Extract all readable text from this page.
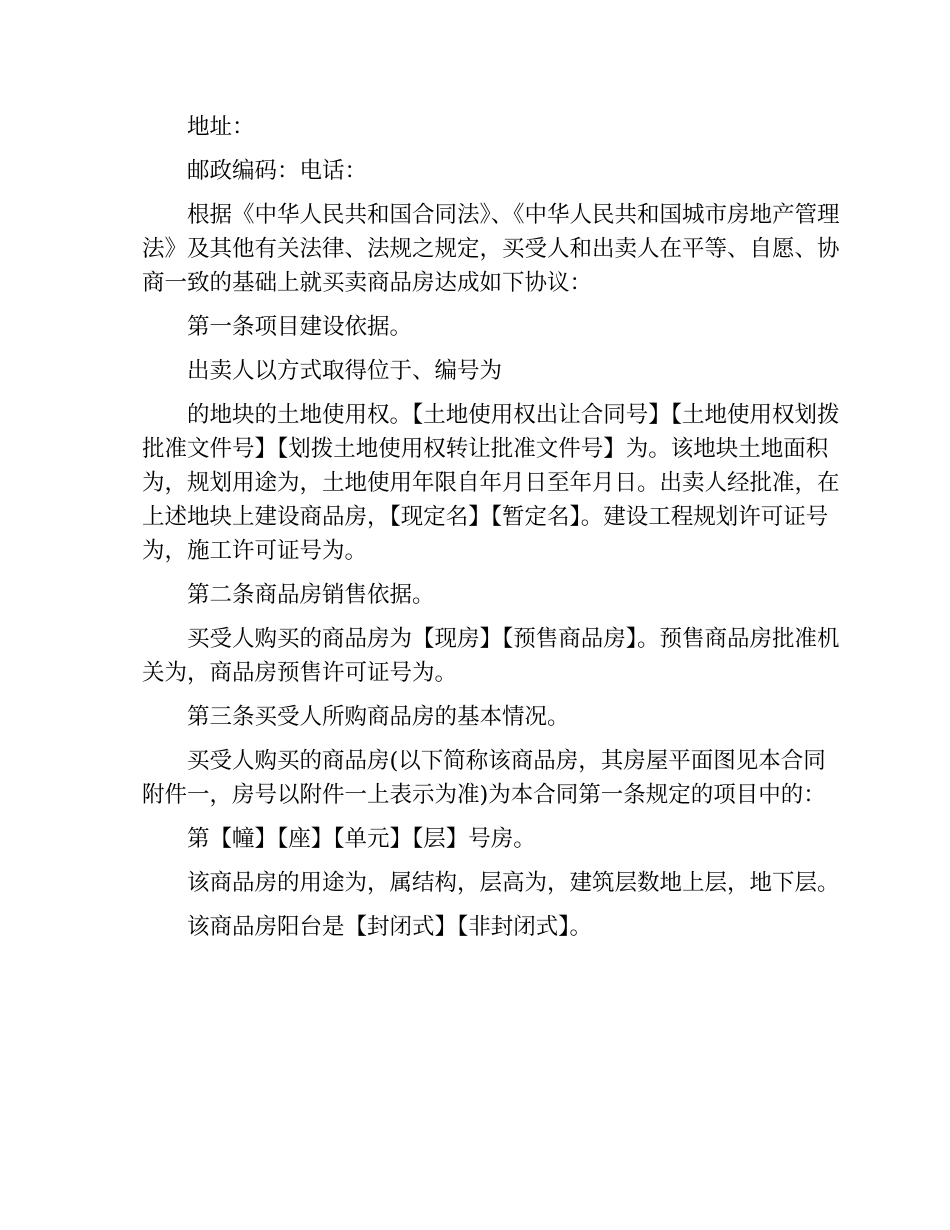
地址：

邮政编码：电话：

根据《中华人民共和国合同法》、《中华人民共和国城市房地产管理法》及其他有关法律、法规之规定，买受人和出卖人在平等、自愿、协商一致的基础上就买卖商品房达成如下协议：

第一条项目建设依据。

出卖人以方式取得位于、编号为

的地块的土地使用权。【土地使用权出让合同号】【土地使用权划拨批准文件号】【划拨土地使用权转让批准文件号】为。该地块土地面积为，规划用途为，土地使用年限自年月日至年月日。出卖人经批准，在上述地块上建设商品房，【现定名】【暂定名】。建设工程规划许可证号为，施工许可证号为。

第二条商品房销售依据。

买受人购买的商品房为【现房】【预售商品房】。预售商品房批准机关为，商品房预售许可证号为。

第三条买受人所购商品房的基本情况。

买受人购买的商品房(以下简称该商品房，其房屋平面图见本合同附件一，房号以附件一上表示为准)为本合同第一条规定的项目中的：

第【幢】【座】【单元】【层】号房。

该商品房的用途为，属结构，层高为，建筑层数地上层，地下层。

该商品房阳台是【封闭式】【非封闭式】。
